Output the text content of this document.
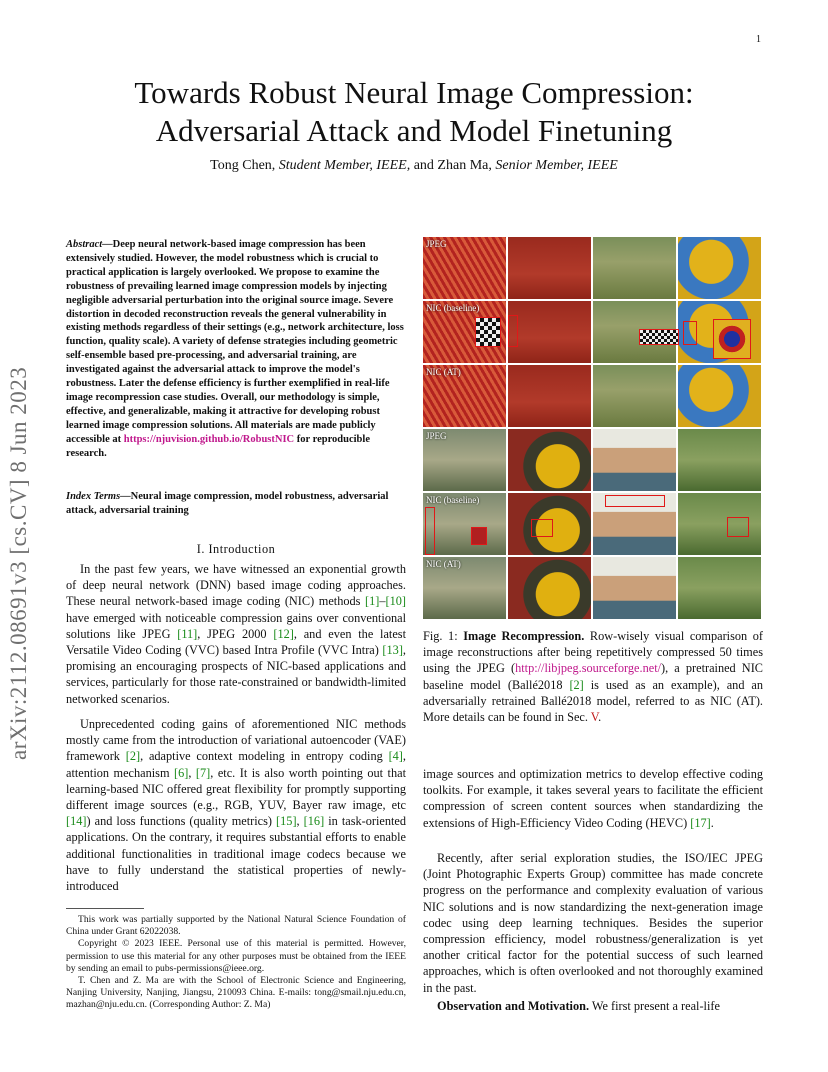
1
Towards Robust Neural Image Compression:
Adversarial Attack and Model Finetuning
Tong Chen, Student Member, IEEE, and Zhan Ma, Senior Member, IEEE
arXiv:2112.08691v3 [cs.CV] 8 Jun 2023
Abstract—Deep neural network-based image compression has been extensively studied. However, the model robustness which is crucial to practical application is largely overlooked. We propose to examine the robustness of prevailing learned image compression models by injecting negligible adversarial perturbation into the original source image. Severe distortion in decoded reconstruction reveals the general vulnerability in existing methods regardless of their settings (e.g., network architecture, loss function, quality scale). A variety of defense strategies including geometric self-ensemble based pre-processing, and adversarial training, are investigated against the adversarial attack to improve the model's robustness. Later the defense efficiency is further exemplified in real-life image recompression case studies. Overall, our methodology is simple, effective, and generalizable, making it attractive for developing robust learned image compression solutions. All materials are made publicly accessible at https://njuvision.github.io/RobustNIC for reproducible research.
Index Terms—Neural image compression, model robustness, adversarial attack, adversarial training
I. Introduction

In the past few years, we have witnessed an exponential growth of deep neural network (DNN) based image coding approaches. These neural network-based image coding (NIC) methods [1]–[10] have emerged with noticeable compression gains over conventional solutions like JPEG [11], JPEG 2000 [12], and even the latest Versatile Video Coding (VVC) based Intra Profile (VVC Intra) [13], promising an encouraging prospects of NIC-based applications and services, particularly for those rate-constrained or bandwidth-limited networked scenarios.

Unprecedented coding gains of aforementioned NIC methods mostly came from the introduction of variational autoencoder (VAE) framework [2], adaptive context modeling in entropy coding [4], attention mechanism [6], [7], etc. It is also worth pointing out that learning-based NIC offered great flexibility for promptly supporting different image sources (e.g., RGB, YUV, Bayer raw image, etc [14]) and loss functions (quality metrics) [15], [16] in task-oriented applications. On the contrary, it requires substantial efforts to enable additional functionalities in traditional image codecs because we have to fully understand the statistical properties of newly-introduced

This work was partially supported by the National Natural Science Foundation of China under Grant 62022038.

Copyright © 2023 IEEE. Personal use of this material is permitted. However, permission to use this material for any other purposes must be obtained from the IEEE by sending an email to pubs-permissions@ieee.org.

T. Chen and Z. Ma are with the School of Electronic Science and Engineering, Nanjing University, Nanjing, Jiangsu, 210093 China. E-mails: tong@smail.nju.edu.cn, mazhan@nju.edu.cn. (Corresponding Author: Z. Ma)

JPEG
NIC (baseline)
NIC (AT)
JPEG
NIC (baseline)
NIC (AT)
Fig. 1: Image Recompression. Row-wisely visual comparison of image reconstructions after being repetitively compressed 50 times using the JPEG (http://libjpeg.sourceforge.net/), a pretrained NIC baseline model (Ballé2018 [2] is used as an example), and an adversarially retrained Ballé2018 model, referred to as NIC (AT). More details can be found in Sec. V.

image sources and optimization metrics to develop effective coding toolkits. For example, it takes several years to facilitate the efficient compression of screen content sources when standardizing the extensions of High-Efficiency Video Coding (HEVC) [17].

Recently, after serial exploration studies, the ISO/IEC JPEG (Joint Photographic Experts Group) committee has made concrete progress on the performance and complexity evaluation of various NIC solutions and is now standardizing the next-generation image codec using deep learning techniques. Besides the superior compression efficiency, model robustness/generalization is yet another critical factor for the potential success of such learned approaches, which is often overlooked and not thoroughly examined in the past.

Observation and Motivation. We first present a real-life
